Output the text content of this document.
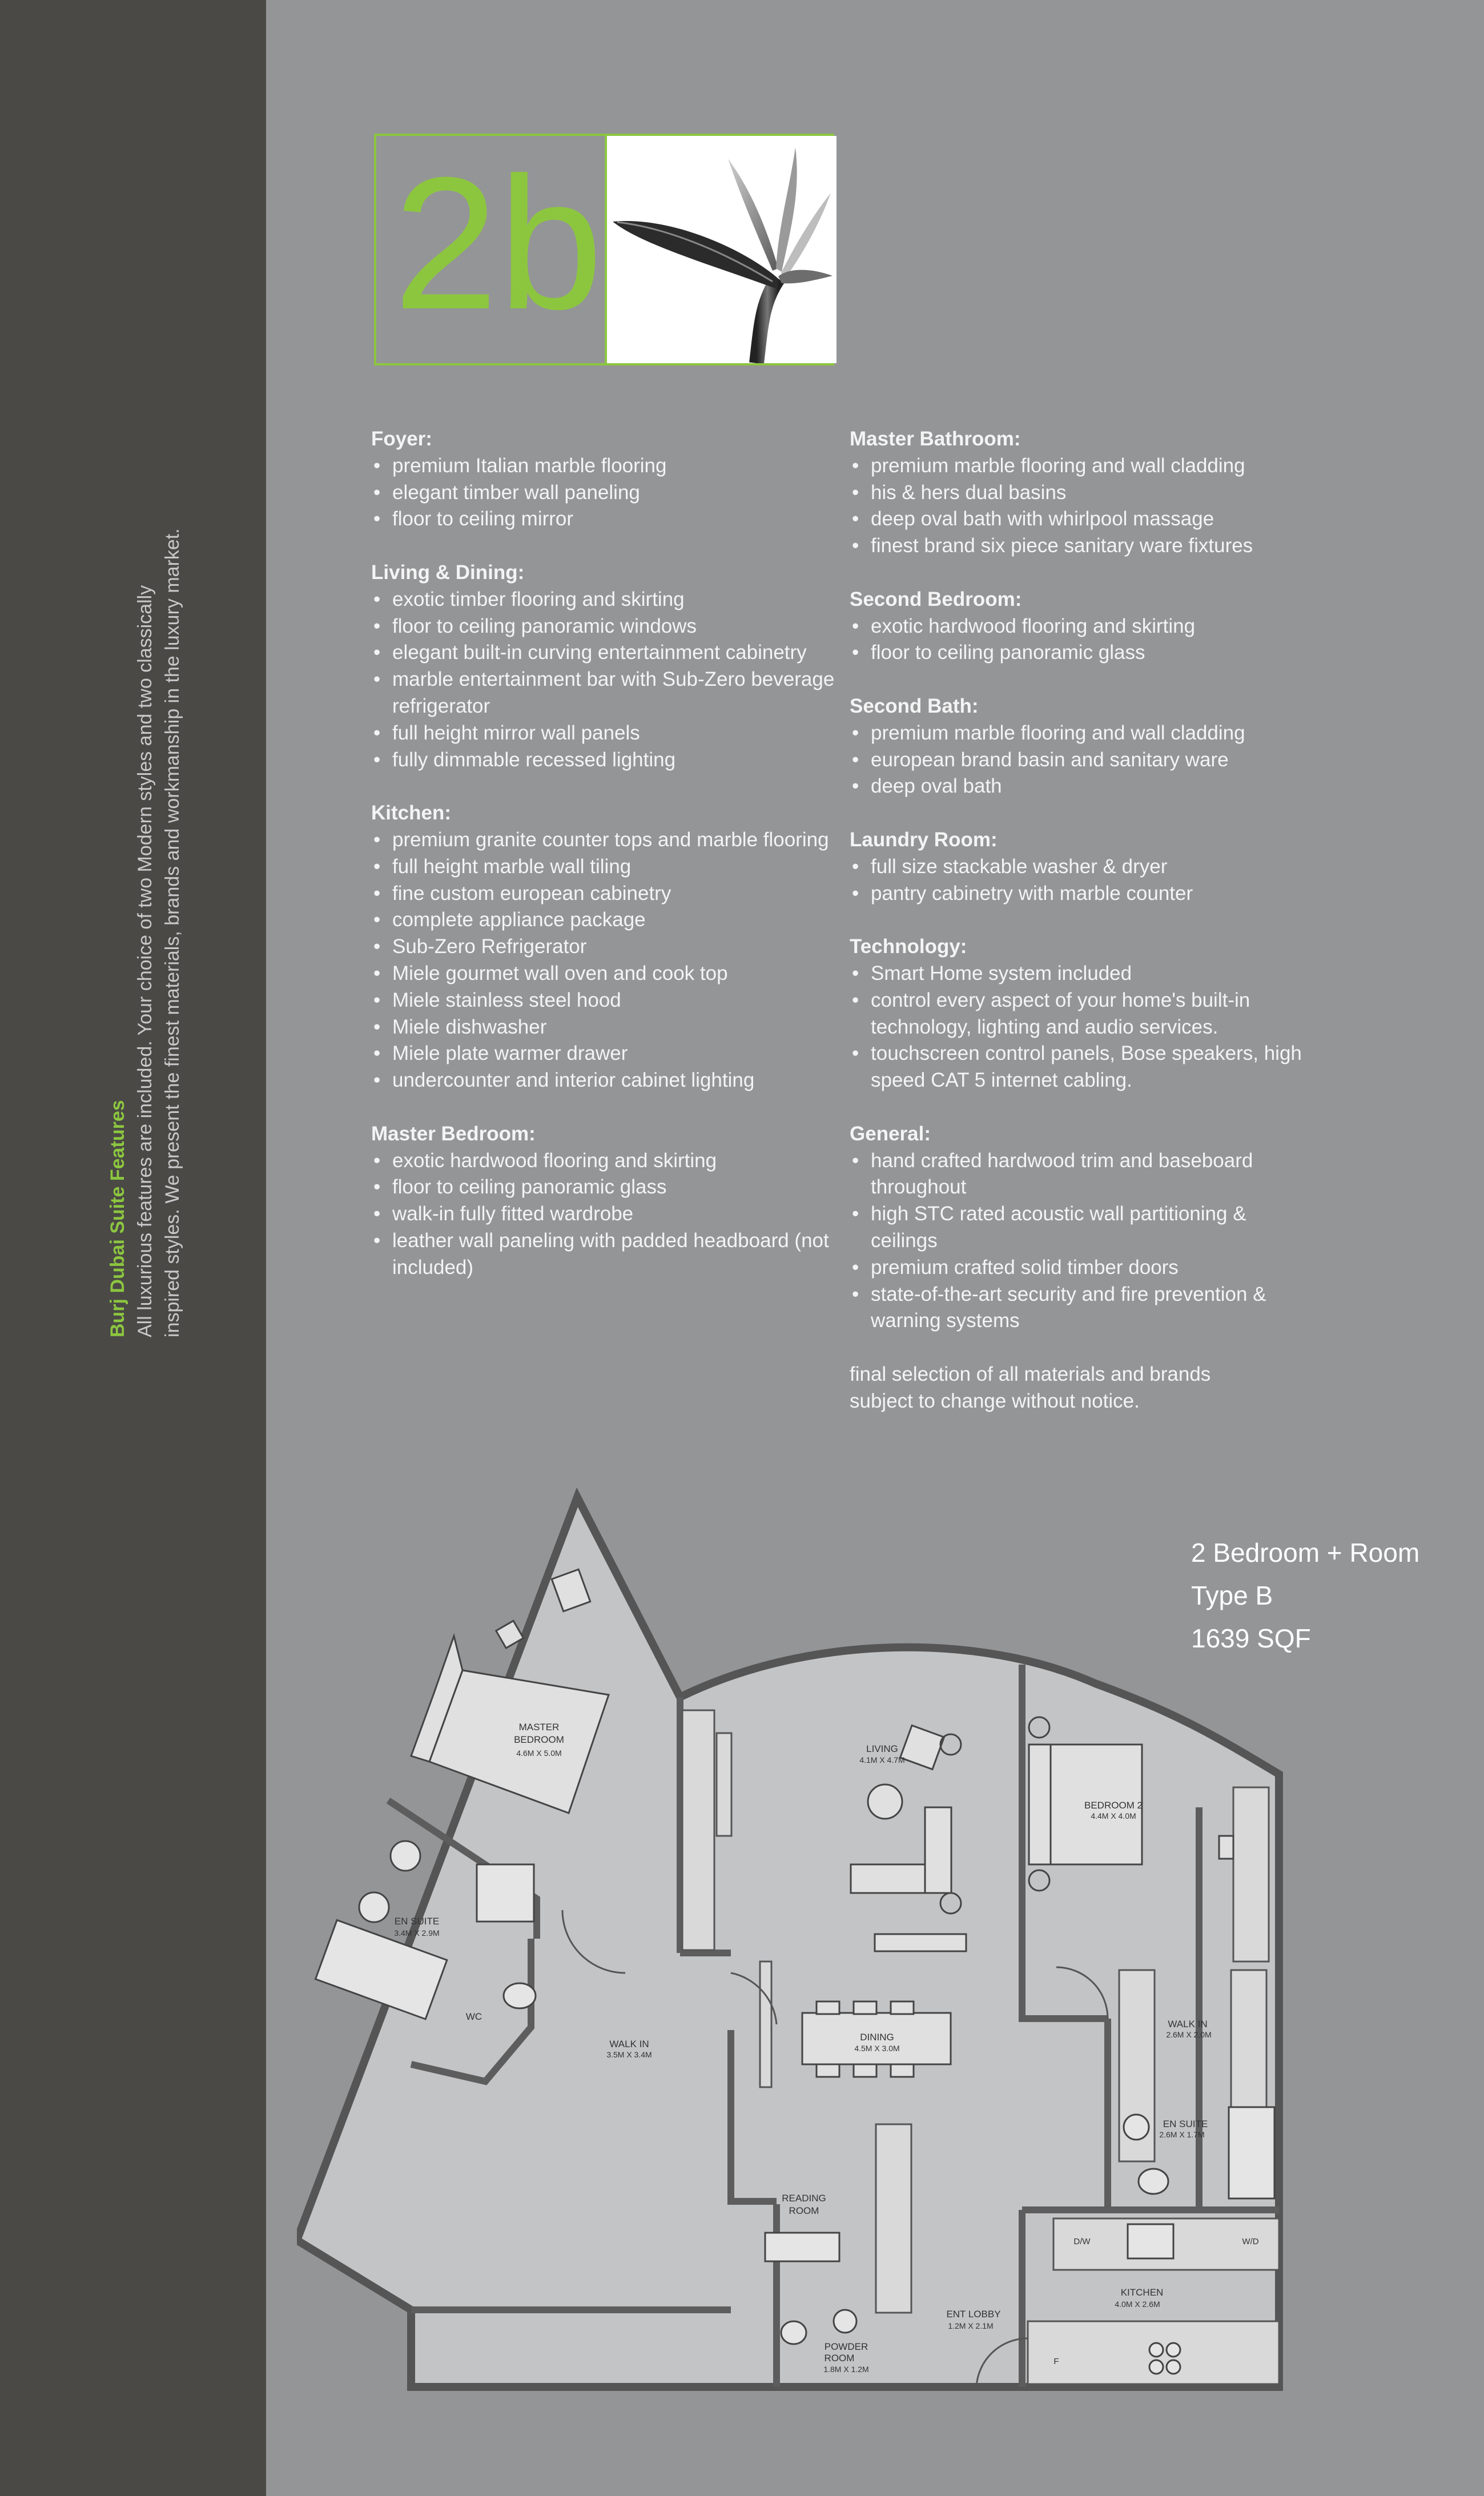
Burj Dubai Suite Features All luxurious features are included. Your choice of two Modern styles and two classically inspired styles. We present the finest materials, brands and workmanship in the luxury market.
2b
Foyer:
• premium Italian marble flooring
• elegant timber wall paneling
• floor to ceiling mirror
Living & Dining:
• exotic timber flooring and skirting
• floor to ceiling panoramic windows
• elegant built-in curving entertainment cabinetry
• marble entertainment bar with Sub-Zero beverage refrigerator
• full height mirror wall panels
• fully dimmable recessed lighting
Kitchen:
• premium granite counter tops and marble flooring
• full height marble wall tiling
• fine custom european cabinetry
• complete appliance package
• Sub-Zero Refrigerator
• Miele gourmet wall oven and cook top
• Miele stainless steel hood
• Miele dishwasher
• Miele plate warmer drawer
• undercounter and interior cabinet lighting
Master Bedroom:
• exotic hardwood flooring and skirting
• floor to ceiling panoramic glass
• walk-in fully fitted wardrobe
• leather wall paneling with padded headboard (not included)
Master Bathroom:
• premium marble flooring and wall cladding
• his & hers dual basins
• deep oval bath with whirlpool massage
• finest brand six piece sanitary ware fixtures
Second Bedroom:
• exotic hardwood flooring and skirting
• floor to ceiling panoramic glass
Second Bath:
• premium marble flooring and wall cladding
• european brand basin and sanitary ware
• deep oval bath
Laundry Room:
• full size stackable washer & dryer
• pantry cabinetry with marble counter
Technology:
• Smart Home system included
• control every aspect of your home's built-in technology, lighting and audio services.
• touchscreen control panels, Bose speakers, high speed CAT 5 internet cabling.
General:
• hand crafted hardwood trim and baseboard throughout
• high STC rated acoustic wall partitioning & ceilings
• premium crafted solid timber doors
• state-of-the-art security and fire prevention & warning systems
final selection of all materials and brands subject to change without notice.
2 Bedroom + Room
Type B
1639 SQF
MASTER
BEDROOM
4.6M X 5.0M
EN SUITE
3.4M X 2.9M
WC
WALK IN
3.5M X 3.4M
LIVING
4.1M X 4.7M
DINING
4.5M X 3.0M
BEDROOM 2
4.4M X 4.0M
WALK IN
2.6M X 2.0M
EN SUITE
2.6M X 1.7M
READING
ROOM
KITCHEN
4.0M X 2.6M
D/W	W/D
F
ENT LOBBY
1.2M X 2.1M
POWDER
ROOM
1.8M X 1.2M
